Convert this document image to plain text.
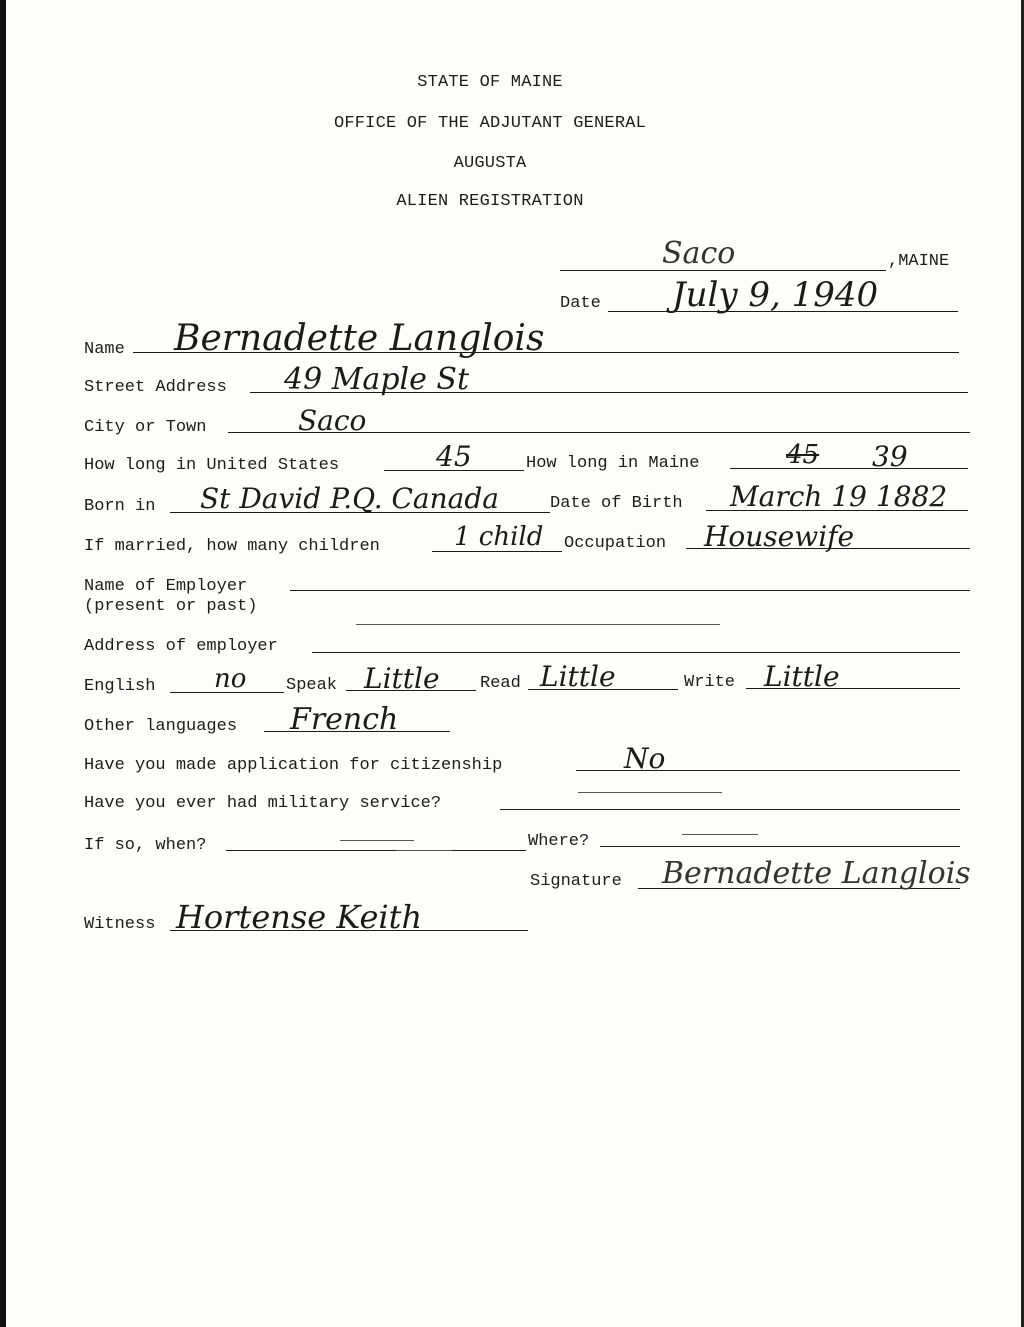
STATE OF MAINE
OFFICE OF THE ADJUTANT GENERAL
AUGUSTA
ALIEN REGISTRATION
Saco	,MAINE
Date July 9, 1940
Name Bernadette Langlois
Street Address 49 Maple St
City or Town	Saco
How long in United States	45	How long in Maine	45 39
Born in St David P.Q. Canada	Date of Birth March 19 1882
If married, how many children	1 child Occupation Housewife
Name of Employer
(present or past)
Address of employer
English no Speak Little Read Little	Write Little
Other languages French
Have you made application for citizenship	No
Have you ever had military service?
If so, when?	Where?
Signature Bernadette Langlois
Witness Hortense Keith
